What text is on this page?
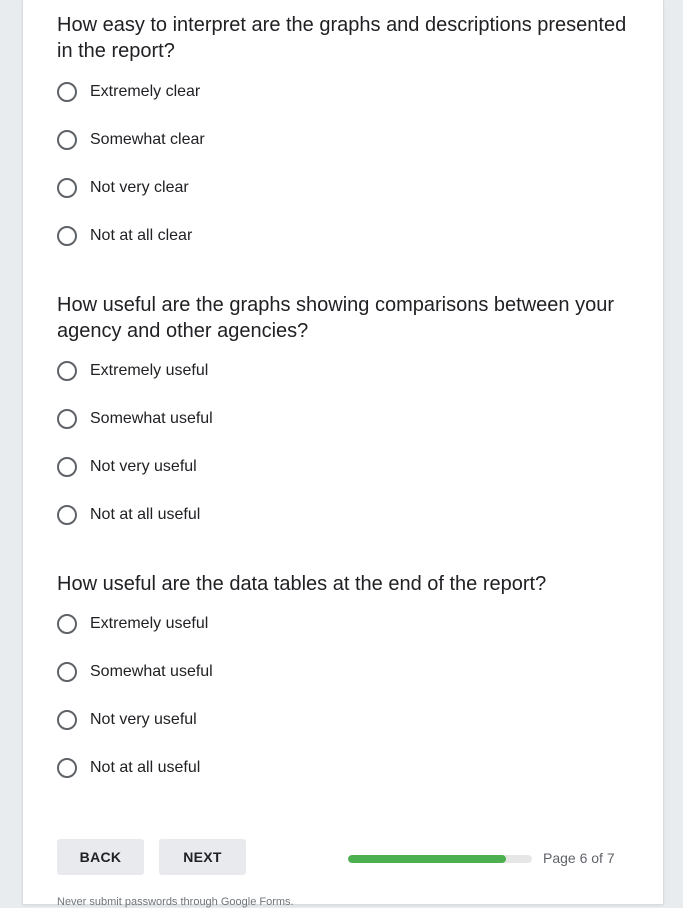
How easy to interpret are the graphs and descriptions presented in the report?
Extremely clear
Somewhat clear
Not very clear
Not at all clear
How useful are the graphs showing comparisons between your agency and other agencies?
Extremely useful
Somewhat useful
Not very useful
Not at all useful
How useful are the data tables at the end of the report?
Extremely useful
Somewhat useful
Not very useful
Not at all useful
BACK	NEXT	Page 6 of 7
Never submit passwords through Google Forms.
